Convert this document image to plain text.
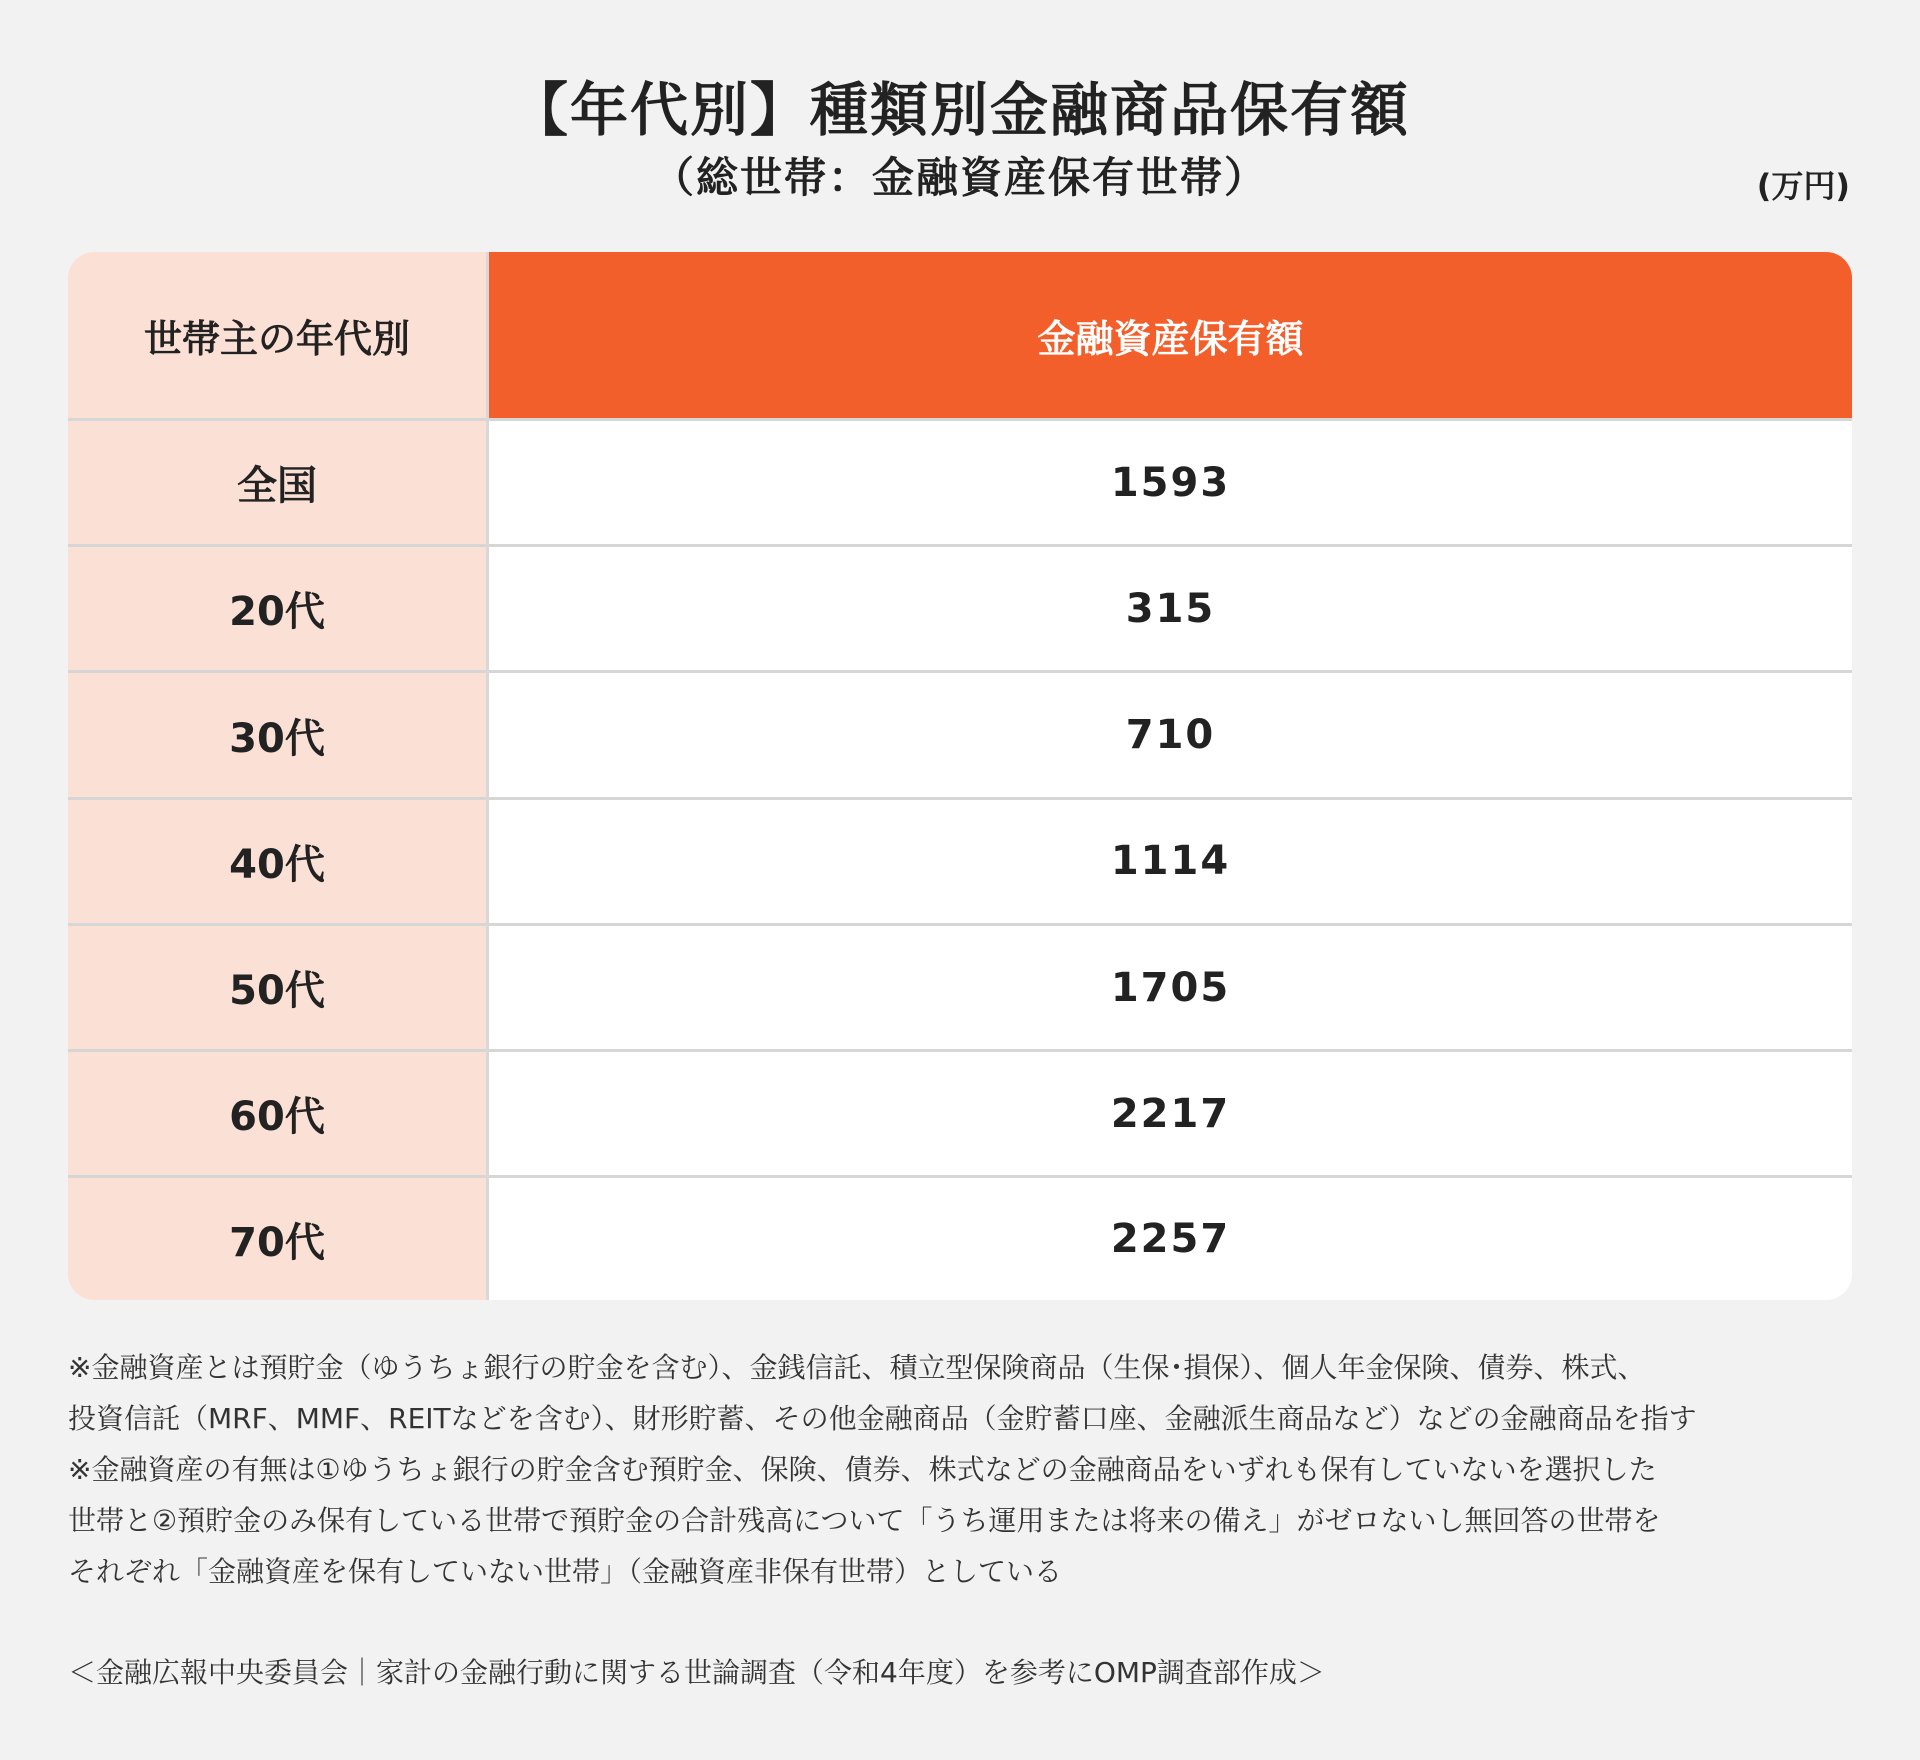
【年代別】種類別金融商品保有額
（総世帯：金融資産保有世帯）	(万円)
世帯主の年代別	金融資産保有額
全国	1593
20代	315
30代	710
40代	1114
50代	1705
60代	2217
70代	2257
※金融資産とは預貯金（ゆうちょ銀行の貯金を含む）、金銭信託、積立型保険商品（生保･損保）、個人年金保険、債券、株式、
投資信託（MRF、MMF、REITなどを含む）、財形貯蓄、その他金融商品（金貯蓄口座、金融派生商品など）などの金融商品を指す
※金融資産の有無は①ゆうちょ銀行の貯金含む預貯金、保険、債券、株式などの金融商品をいずれも保有していないを選択した
世帯と②預貯金のみ保有している世帯で預貯金の合計残高について「うち運用または将来の備え」がゼロないし無回答の世帯を
それぞれ「金融資産を保有していない世帯」（金融資産非保有世帯）としている
＜金融広報中央委員会｜家計の金融行動に関する世論調査（令和4年度）を参考にOMP調査部作成＞
